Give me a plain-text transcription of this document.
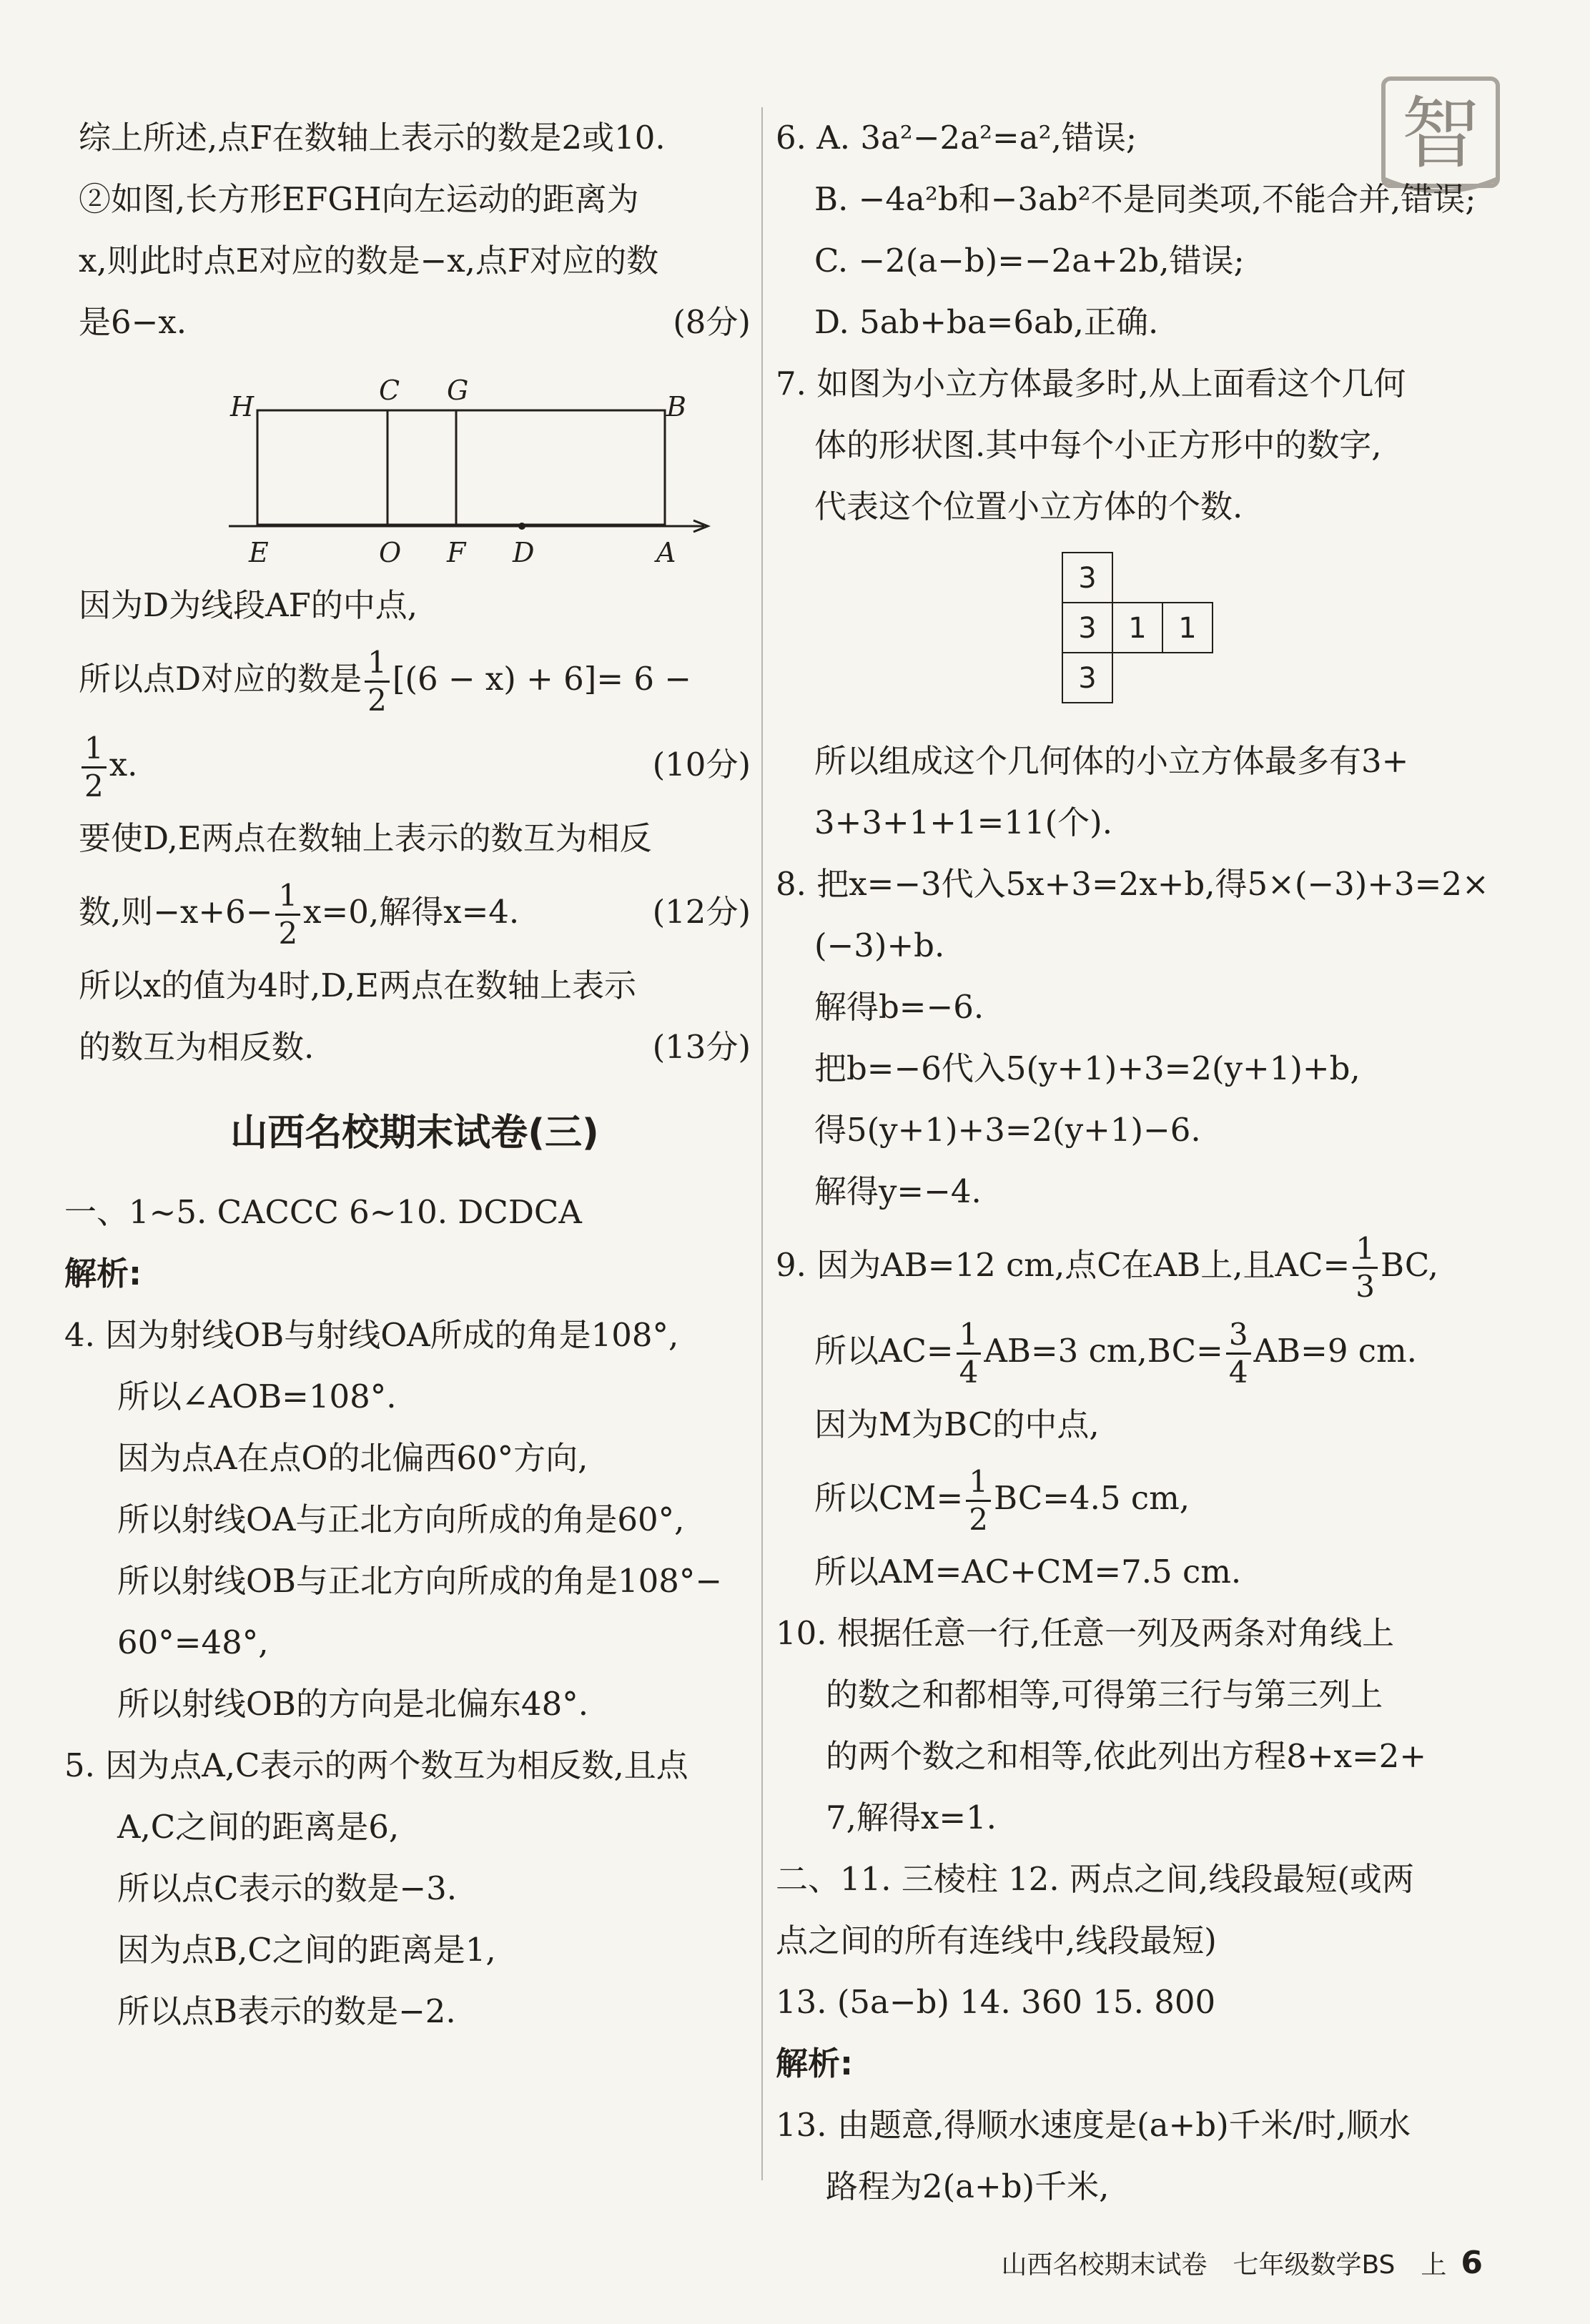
智
综上所述,点F在数轴上表示的数是2或10.
②如图,长方形EFGH向左运动的距离为
x,则此时点E对应的数是−x,点F对应的数
是6−x.	(8分)
H
C G
B
E	O F D	A
因为D为线段AF的中点,
所以点D对应的数是 $\frac{1}{2} [(6 - x) + 6]= 6$ −
$\frac{1}{2} x$.	(10分)
要使D,E两点在数轴上表示的数互为相反
数,则$-x+6- \frac{1}{2} x=0$,解得x=4.	(12分)
所以x的值为4时,D,E两点在数轴上表示
的数互为相反数.	(13分)
山西名校期末试卷(三)
一、1~5. CACCC 6~10. DCDCA
解析:
4. 因为射线OB与射线OA所成的角是108°,
所以∠AOB=108°.
因为点A在点O的北偏西60°方向,
所以射线OA与正北方向所成的角是60°,
所以射线OB与正北方向所成的角是108°−
60°=48°,
所以射线OB的方向是北偏东48°.
5. 因为点A,C表示的两个数互为相反数,且点
A,C之间的距离是6,
所以点C表示的数是−3.
因为点B,C之间的距离是1,
所以点B表示的数是−2.
6. A. 3a²−2a²=a²,错误;
B. −4a²b和−3ab²不是同类项,不能合并,错误;
C. −2(a−b)=−2a+2b,错误;
D. 5ab+ba=6ab,正确.
7. 如图为小立方体最多时,从上面看这个几何
体的形状图.其中每个小正方形中的数字,
代表这个位置小立方体的个数.
3
3	1	1
3
所以组成这个几何体的小立方体最多有3+
3+3+1+1=11(个).
8. 把x=−3代入5x+3=2x+b,得5×(−3)+3=2×
(−3)+b.
解得b=−6.
把b=−6代入5(y+1)+3=2(y+1)+b,
得5(y+1)+3=2(y+1)−6.
解得y=−4.
9. 因为AB=12 cm,点C在AB上,且$AC= \frac{1}{3}$ BC,
所以$AC= \frac{1}{4} AB=3$ $cm,BC= \frac{3}{4} AB=9$ cm.
因为M为BC的中点,
所以$CM= \frac{1}{2} BC=4.5$ cm,
所以AM=AC+CM=7.5 cm.
10. 根据任意一行,任意一列及两条对角线上
的数之和都相等,可得第三行与第三列上
的两个数之和相等,依此列出方程8+x=2+
7,解得x=1.
二、11. 三棱柱 12. 两点之间,线段最短(或两
点之间的所有连线中,线段最短)
13. (5a−b) 14. 360 15. 800
解析:
13. 由题意,得顺水速度是(a+b)千米/时,顺水
路程为2(a+b)千米,
山西名校期末试卷　七年级数学BS　上 6
